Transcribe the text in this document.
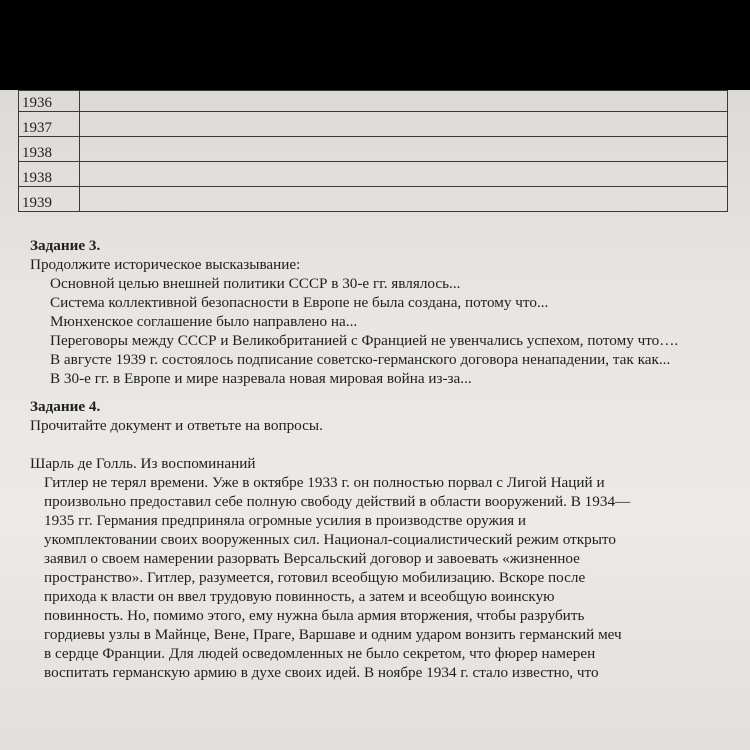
1936	
1937	
1938	
1938	
1939	

Задание 3.

Продолжите историческое высказывание:

Основной целью внешней политики СССР в 30-е гг. являлось...

Система коллективной безопасности в Европе не была создана, потому что...

Мюнхенское соглашение было направлено на...

Переговоры между СССР и Великобританией с Францией не увенчались успехом, потому что….

В августе 1939 г. состоялось подписание советско-германского договора ненападении, так как...

В 30-е гг. в Европе и мире назревала новая мировая война из-за...

Задание 4.

Прочитайте документ и ответьте на вопросы.

Шарль де Голль. Из воспоминаний

Гитлер не терял времени. Уже в октябре 1933 г. он полностью порвал с Лигой Наций и

произвольно предоставил себе полную свободу действий в области вооружений. В 1934—

1935 гг. Германия предприняла огромные усилия в производстве оружия и

укомплектовании своих вооруженных сил. Национал-социалистический режим открыто

заявил о своем намерении разорвать Версальский договор и завоевать «жизненное

пространство». Гитлер, разумеется, готовил всеобщую мобилизацию. Вскоре после

прихода к власти он ввел трудовую повинность, а затем и всеобщую воинскую

повинность. Но, помимо этого, ему нужна была армия вторжения, чтобы разрубить

гордиевы узлы в Майнце, Вене, Праге, Варшаве и одним ударом вонзить германский меч

в сердце Франции. Для людей осведомленных не было секретом, что фюрер намерен

воспитать германскую армию в духе своих идей. В ноябре 1934 г. стало известно, что
